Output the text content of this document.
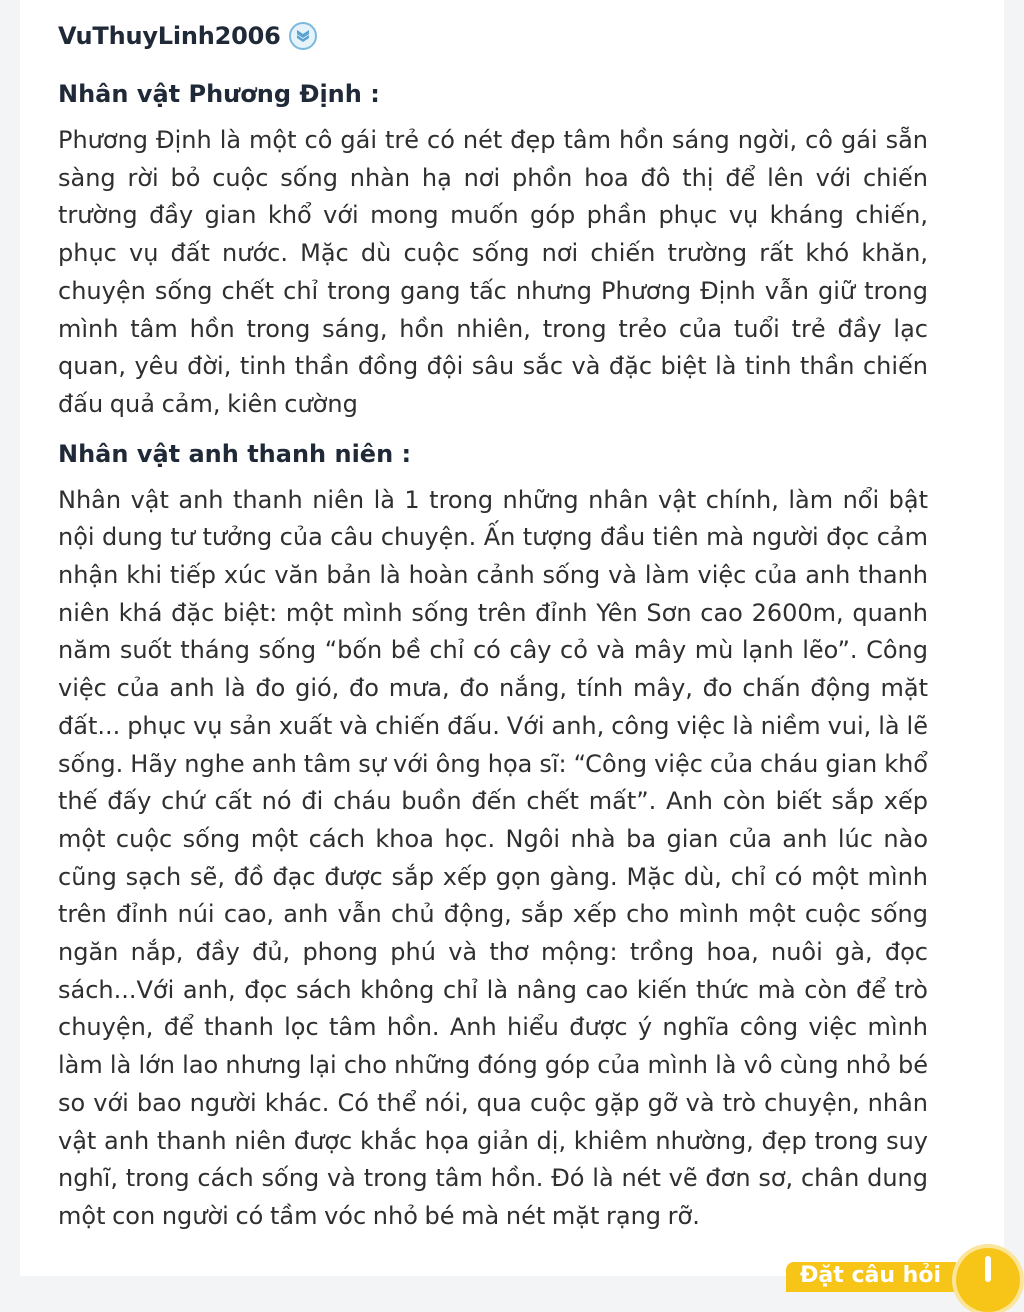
VuThuyLinh2006
Nhân vật Phương Định :

Phương Định là một cô gái trẻ có nét đẹp tâm hồn sáng ngời, cô gái sẵn sàng rời bỏ cuộc sống nhàn hạ nơi phồn hoa đô thị để lên với chiến trường đầy gian khổ với mong muốn góp phần phục vụ kháng chiến, phục vụ đất nước. Mặc dù cuộc sống nơi chiến trường rất khó khăn, chuyện sống chết chỉ trong gang tấc nhưng Phương Định vẫn giữ trong mình tâm hồn trong sáng, hồn nhiên, trong trẻo của tuổi trẻ đầy lạc quan, yêu đời, tinh thần đồng đội sâu sắc và đặc biệt là tinh thần chiến đấu quả cảm, kiên cường

Nhân vật anh thanh niên :

Nhân vật anh thanh niên là 1 trong những nhân vật chính, làm nổi bật nội dung tư tưởng của câu chuyện. Ấn tượng đầu tiên mà người đọc cảm nhận khi tiếp xúc văn bản là hoàn cảnh sống và làm việc của anh thanh niên khá đặc biệt: một mình sống trên đỉnh Yên Sơn cao 2600m, quanh năm suốt tháng sống “bốn bề chỉ có cây cỏ và mây mù lạnh lẽo”. Công việc của anh là đo gió, đo mưa, đo nắng, tính mây, đo chấn động mặt đất... phục vụ sản xuất và chiến đấu. Với anh, công việc là niềm vui, là lẽ sống. Hãy nghe anh tâm sự với ông họa sĩ: “Công việc của cháu gian khổ thế đấy chứ cất nó đi cháu buồn đến chết mất”. Anh còn biết sắp xếp một cuộc sống một cách khoa học. Ngôi nhà ba gian của anh lúc nào cũng sạch sẽ, đồ đạc được sắp xếp gọn gàng. Mặc dù, chỉ có một mình trên đỉnh núi cao, anh vẫn chủ động, sắp xếp cho mình một cuộc sống ngăn nắp, đầy đủ, phong phú và thơ mộng: trồng hoa, nuôi gà, đọc sách...Với anh, đọc sách không chỉ là nâng cao kiến thức mà còn để trò chuyện, để thanh lọc tâm hồn. Anh hiểu được ý nghĩa công việc mình làm là lớn lao nhưng lại cho những đóng góp của mình là vô cùng nhỏ bé so với bao người khác. Có thể nói, qua cuộc gặp gỡ và trò chuyện, nhân vật anh thanh niên được khắc họa giản dị, khiêm nhường, đẹp trong suy nghĩ, trong cách sống và trong tâm hồn. Đó là nét vẽ đơn sơ, chân dung một con người có tầm vóc nhỏ bé mà nét mặt rạng rỡ.

Đặt câu hỏi
